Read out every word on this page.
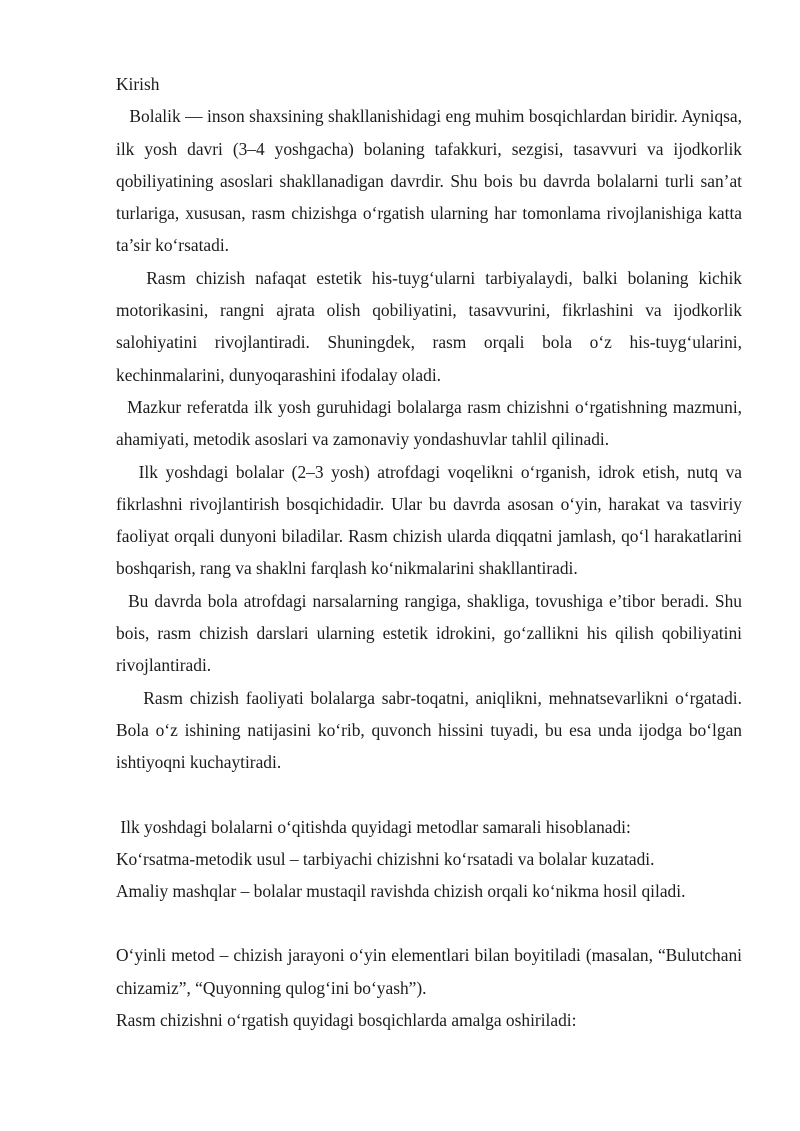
Kirish

Bolalik — inson shaxsining shakllanishidagi eng muhim bosqichlardan biridir. Ayniqsa, ilk yosh davri (3–4 yoshgacha) bolaning tafakkuri, sezgisi, tasavvuri va ijodkorlik qobiliyatining asoslari shakllanadigan davrdir. Shu bois bu davrda bolalarni turli san’at turlariga, xususan, rasm chizishga o‘rgatish ularning har tomonlama rivojlanishiga katta ta’sir ko‘rsatadi.

Rasm chizish nafaqat estetik his-tuyg‘ularni tarbiyalaydi, balki bolaning kichik motorikasini, rangni ajrata olish qobiliyatini, tasavvurini, fikrlashini va ijodkorlik salohiyatini rivojlantiradi. Shuningdek, rasm orqali bola o‘z his-tuyg‘ularini, kechinmalarini, dunyoqarashini ifodalay oladi.

Mazkur referatda ilk yosh guruhidagi bolalarga rasm chizishni o‘rgatishning mazmuni, ahamiyati, metodik asoslari va zamonaviy yondashuvlar tahlil qilinadi.

Ilk yoshdagi bolalar (2–3 yosh) atrofdagi voqelikni o‘rganish, idrok etish, nutq va fikrlashni rivojlantirish bosqichidadir. Ular bu davrda asosan o‘yin, harakat va tasviriy faoliyat orqali dunyoni biladilar. Rasm chizish ularda diqqatni jamlash, qo‘l harakatlarini boshqarish, rang va shaklni farqlash ko‘nikmalarini shakllantiradi.

Bu davrda bola atrofdagi narsalarning rangiga, shakliga, tovushiga e’tibor beradi. Shu bois, rasm chizish darslari ularning estetik idrokini, go‘zallikni his qilish qobiliyatini rivojlantiradi.

Rasm chizish faoliyati bolalarga sabr-toqatni, aniqlikni, mehnatsevarlikni o‘rgatadi. Bola o‘z ishining natijasini ko‘rib, quvonch hissini tuyadi, bu esa unda ijodga bo‘lgan ishtiyoqni kuchaytiradi.

Ilk yoshdagi bolalarni o‘qitishda quyidagi metodlar samarali hisoblanadi:

Ko‘rsatma-metodik usul – tarbiyachi chizishni ko‘rsatadi va bolalar kuzatadi.

Amaliy mashqlar – bolalar mustaqil ravishda chizish orqali ko‘nikma hosil qiladi.

O‘yinli metod – chizish jarayoni o‘yin elementlari bilan boyitiladi (masalan, “Bulutchani chizamiz”, “Quyonning qulog‘ini bo‘yash”).

Rasm chizishni o‘rgatish quyidagi bosqichlarda amalga oshiriladi:
